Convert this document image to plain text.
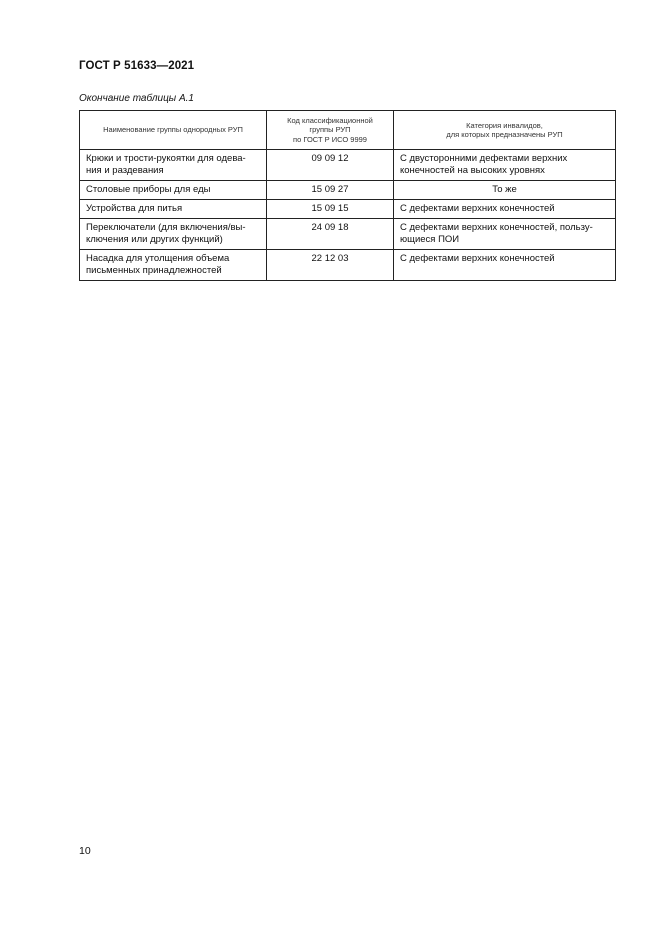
ГОСТ Р 51633—2021
Окончание таблицы А.1
Наименование группы однородных РУП	Код классификационной
группы РУП
по ГОСТ Р ИСО 9999	Категория инвалидов,
для которых предназначены РУП

Крюки и трости-рукоятки для одева-
ния и раздевания	09 09 12	С двусторонними дефектами верхних
конечностей на высоких уровнях

Столовые приборы для еды	15 09 27	То же

Устройства для питья	15 09 15	С дефектами верхних конечностей

Переключатели (для включения/вы-
ключения или других функций)	24 09 18	С дефектами верхних конечностей, пользу-
ющиеся ПОИ

Насадка для утолщения объема
письменных принадлежностей	22 12 03	С дефектами верхних конечностей
10
